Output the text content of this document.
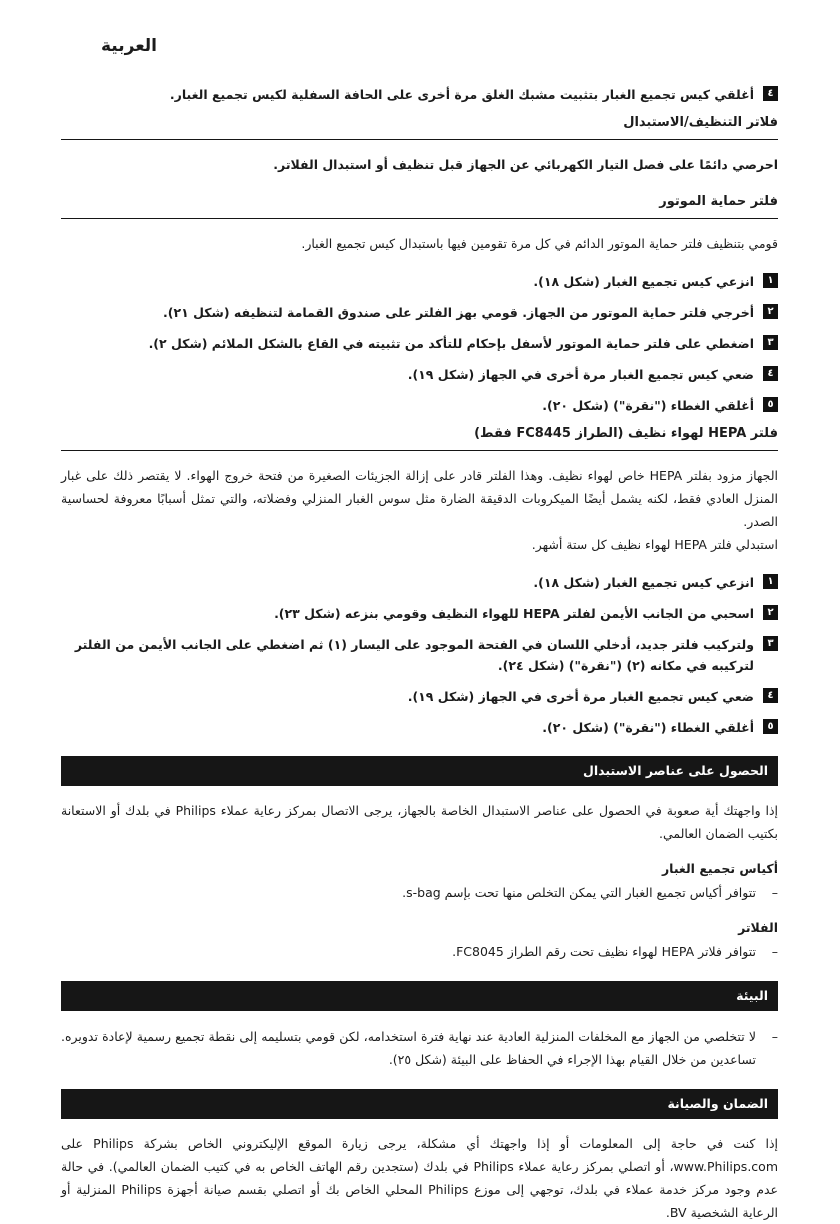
العربية
٤
أغلقي كيس تجميع الغبار بتثبيت مشبك الغلق مرة أخرى على الحافة السفلية لكيس تجميع الغبار.
فلاتر التنظيف/الاستبدال
احرصي دائمًا على فصل التيار الكهربائي عن الجهاز قبل تنظيف أو استبدال الفلاتر.
فلتر حماية الموتور
قومي بتنظيف فلتر حماية الموتور الدائم في كل مرة تقومين فيها باستبدال كيس تجميع الغبار.
١
انزعي كيس تجميع الغبار (شكل ١٨).
٢
أخرجي فلتر حماية الموتور من الجهاز. قومي بهز الفلتر على صندوق القمامة لتنظيفه (شكل ٢١).
٣
اضغطي على فلتر حماية الموتور لأسفل بإحكام للتأكد من تثبيته في القاع بالشكل الملائم (شكل ٢).
٤
ضعي كيس تجميع الغبار مرة أخرى في الجهاز (شكل ١٩).
٥
أغلقي الغطاء ("نقرة") (شكل ٢٠).
فلتر HEPA لهواء نظيف (الطراز FC8445 فقط)
الجهاز مزود بفلتر HEPA خاص لهواء نظيف. وهذا الفلتر قادر على إزالة الجزيئات الصغيرة من فتحة خروج الهواء. لا يقتصر ذلك على غبار المنزل العادي فقط، لكنه يشمل أيضًا الميكروبات الدقيقة الضارة مثل سوس الغبار المنزلي وفضلاته، والتي تمثل أسبابًا معروفة لحساسية الصدر.
استبدلي فلتر HEPA لهواء نظيف كل ستة أشهر.
١
انزعي كيس تجميع الغبار (شكل ١٨).
٢
اسحبي من الجانب الأيمن لفلتر HEPA للهواء النظيف وقومي بنزعه (شكل ٢٣).
٣
ولتركيب فلتر جديد، أدخلي اللسان في الفتحة الموجود على اليسار (١) ثم اضغطي على الجانب الأيمن من الفلتر لتركيبه في مكانه (٢) ("نقرة") (شكل ٢٤).
٤
ضعي كيس تجميع الغبار مرة أخرى في الجهاز (شكل ١٩).
٥
أغلقي الغطاء ("نقرة") (شكل ٢٠).
الحصول على عناصر الاستبدال
إذا واجهتك أية صعوبة في الحصول على عناصر الاستبدال الخاصة بالجهاز، يرجى الاتصال بمركز رعاية عملاء Philips في بلدك أو الاستعانة بكتيب الضمان العالمي.
أكياس تجميع الغبار
–
تتوافر أكياس تجميع الغبار التي يمكن التخلص منها تحت بإسم s-bag.
الفلاتر
–
تتوافر فلاتر HEPA لهواء نظيف تحت رقم الطراز FC8045.
البيئة
–
لا تتخلصي من الجهاز مع المخلفات المنزلية العادية عند نهاية فترة استخدامه، لكن قومي بتسليمه إلى نقطة تجميع رسمية لإعادة تدويره. تساعدين من خلال القيام بهذا الإجراء في الحفاظ على البيئة (شكل ٢٥).
الضمان والصيانة
إذا كنت في حاجة إلى المعلومات أو إذا واجهتك أي مشكلة، يرجى زيارة الموقع الإليكتروني الخاص بشركة Philips على www.Philips.com، أو اتصلي بمركز رعاية عملاء Philips في بلدك (ستجدين رقم الهاتف الخاص به في كتيب الضمان العالمي). في حالة عدم وجود مركز خدمة عملاء في بلدك، توجهي إلى موزع Philips المحلي الخاص بك أو اتصلي بقسم صيانة أجهزة Philips المنزلية أو الرعاية الشخصية BV.
